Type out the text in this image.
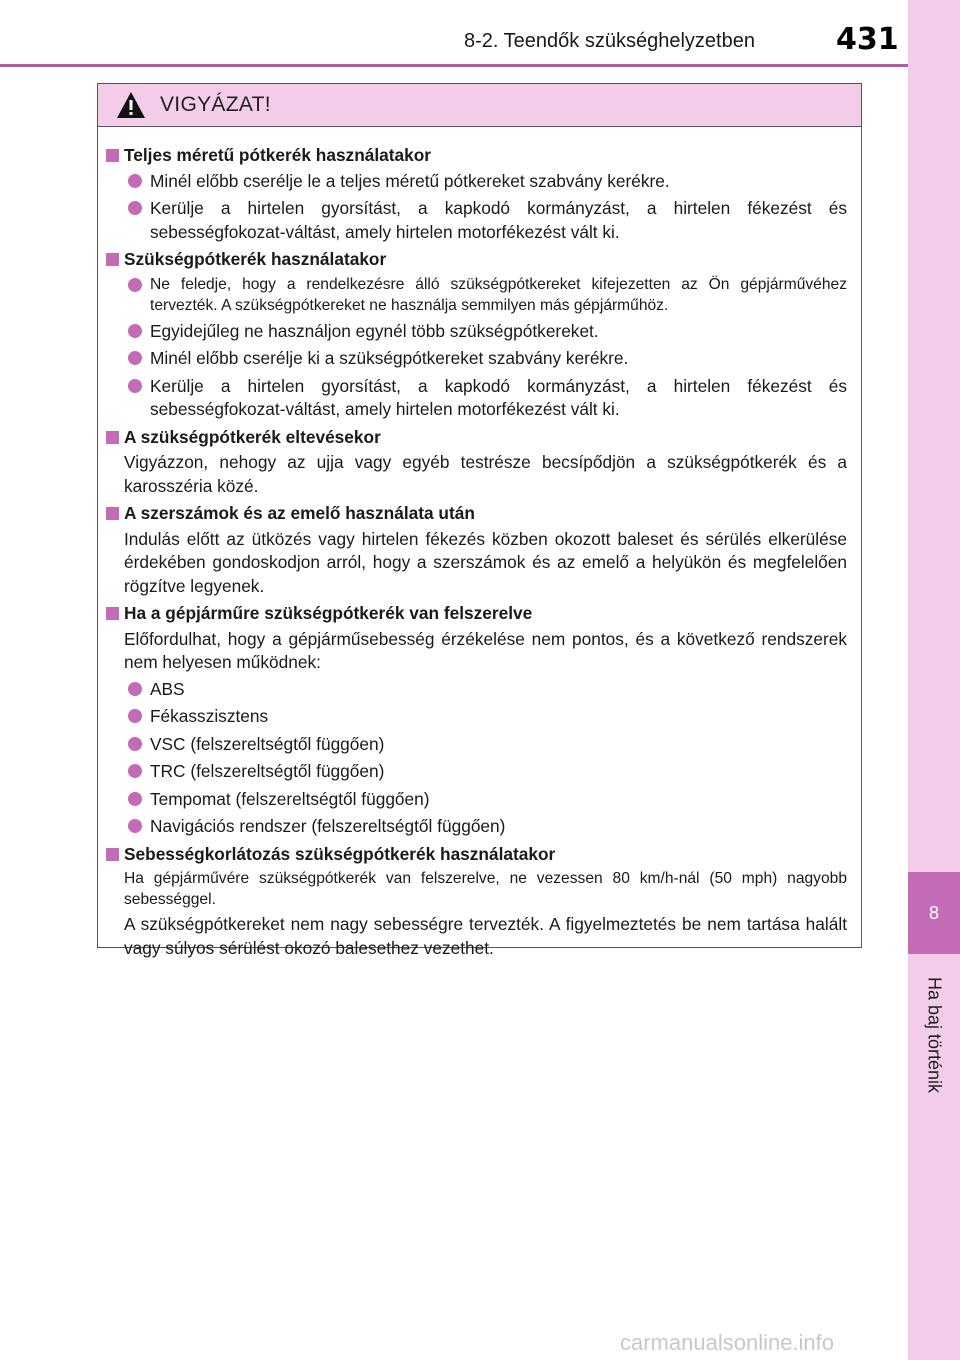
8-2. Teendők szükséghelyzetben	431
8
Ha baj történik
VIGYÁZAT!
Teljes méretű pótkerék használatakor
Minél előbb cserélje le a teljes méretű pótkereket szabvány kerékre.
Kerülje a hirtelen gyorsítást, a kapkodó kormányzást, a hirtelen fékezést és sebességfokozat-váltást, amely hirtelen motorfékezést vált ki.
Szükségpótkerék használatakor
Ne feledje, hogy a rendelkezésre álló szükségpótkereket kifejezetten az Ön gépjárművéhez tervezték. A szükségpótkereket ne használja semmilyen más gépjárműhöz.
Egyidejűleg ne használjon egynél több szükségpótkereket.
Minél előbb cserélje ki a szükségpótkereket szabvány kerékre.
Kerülje a hirtelen gyorsítást, a kapkodó kormányzást, a hirtelen fékezést és sebességfokozat-váltást, amely hirtelen motorfékezést vált ki.
A szükségpótkerék eltevésekor
Vigyázzon, nehogy az ujja vagy egyéb testrésze becsípődjön a szükségpótkerék és a karosszéria közé.
A szerszámok és az emelő használata után
Indulás előtt az ütközés vagy hirtelen fékezés közben okozott baleset és sérülés elkerülése érdekében gondoskodjon arról, hogy a szerszámok és az emelő a helyükön és megfelelően rögzítve legyenek.
Ha a gépjárműre szükségpótkerék van felszerelve
Előfordulhat, hogy a gépjárműsebesség érzékelése nem pontos, és a következő rendszerek nem helyesen működnek:
ABS
Fékasszisztens
VSC (felszereltségtől függően)
TRC (felszereltségtől függően)
Tempomat (felszereltségtől függően)
Navigációs rendszer (felszereltségtől függően)
Sebességkorlátozás szükségpótkerék használatakor
Ha gépjárművére szükségpótkerék van felszerelve, ne vezessen 80 km/h-nál (50 mph) nagyobb sebességgel.
A szükségpótkereket nem nagy sebességre tervezték. A figyelmeztetés be nem tartása halált vagy súlyos sérülést okozó balesethez vezethet.
carmanualsonline.info
